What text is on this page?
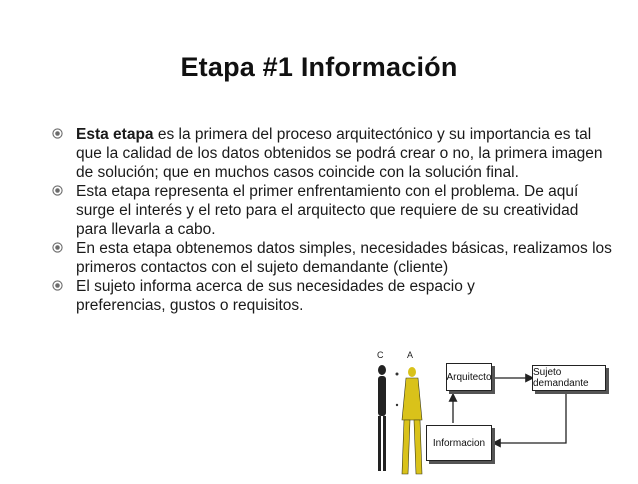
Etapa #1 Información
Esta etapa es la primera del proceso arquitectónico y su importancia es tal que la calidad de los datos obtenidos se podrá crear o no, la primera imagen de solución; que en muchos casos coincide con la solución final.
Esta etapa representa el primer enfrentamiento con el problema. De aquí surge el interés y el reto para el arquitecto que requiere de su creatividad para llevarla a cabo.
En esta etapa obtenemos datos simples, necesidades básicas, realizamos los primeros contactos con el sujeto demandante (cliente)
El sujeto informa acerca de sus necesidades de espacio y preferencias, gustos o requisitos.
C	A
Arquitecto	Sujeto demandante
Informacion
